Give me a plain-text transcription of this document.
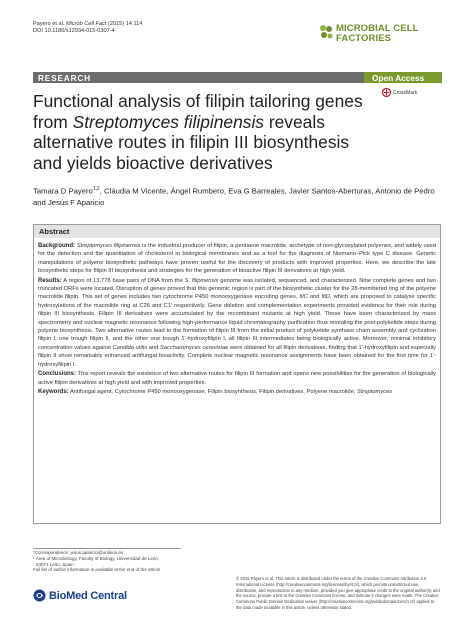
Payero et al. Microb Cell Fact (2015) 14:114
DOI 10.1186/s12934-015-0307-4	MICROBIAL CELL
FACTORIES
RESEARCH	Open Access
CrossMark
Functional analysis of filipin tailoring genes from Streptomyces filipinensis reveals alternative routes in filipin III biosynthesis and yields bioactive derivatives
Tamara D Payero$^{1,2}$, Cláudia M Vicente, Ángel Rumbero, Eva G Barreales, Javier Santos‑Aberturas, Antonio de Pedro and Jesús F Aparicio
Abstract

Background: Streptomyces filipinensis is the industrial producer of filipin, a pentaene macrolide, archetype of non-glycosylated polyenes, and widely used for the detection and the quantitation of cholesterol in biological membranes and as a tool for the diagnosis of Niemann–Pick type C disease. Genetic manipulations of polyene biosynthetic pathways have proven useful for the discovery of products with improved properties. Here, we describe the late biosynthetic steps for filipin III biosynthesis and strategies for the generation of bioactive filipin III derivatives at high yield.

Results: A region of 13,778 base pairs of DNA from the S. filipinensis genome was isolated, sequenced, and characterized. Nine complete genes and two truncated ORFs were located. Disruption of genes proved that this genomic region is part of the biosynthetic cluster for the 28-membered ring of the polyene macrolide filipin. This set of genes includes two cytochrome P450 monooxygenase encoding genes, filC and filD, which are proposed to catalyse specific hydroxylations of the macrolide ring at C26 and C1′ respectively. Gene deletion and complementation experiments provided evidence for their role during filipin III biosynthesis. Filipin III derivatives were accumulated by the recombinant mutants at high yield. These have been characterized by mass spectrometry and nuclear magnetic resonance following high-performance liquid chromatography purification thus revealing the post-polyketide steps during polyene biosynthesis. Two alternative routes lead to the formation of filipin III from the initial product of polyketide synthase chain assembly and cyclization filipin I, one trough filipin II, and the other one trough 1′-hydroxyfilipin I, all filipin III intermediates being biologically active. Moreover, minimal inhibitory concentration values against Candida utilis and Saccharomyces cerevisiae were obtained for all filipin derivatives, finding that 1′-hydroxyfilipin and especially filipin II show remarkably enhanced antifungal bioactivity. Complete nuclear magnetic resonance assignments have been obtained for the first time for 1′-hydroxyfilipin I.

Conclusions: This report reveals the existence of two alternative routes for filipin III formation and opens new possibilities for the generation of biologically active filipin derivatives at high yield and with improved properties.

Keywords: Antifungal agent, Cytochrome P450 monooxygenase, Filipin biosynthesis, Filipin derivatives, Polyene macrolide, Streptomyces

*Correspondence: jesus.aparicio@unileon.es
¹ Área of Microbiology, Faculty of Biology, Universidad de León,
24071 León, Spain
Full list of author information is available at the end of the article
BioMed Central
© 2015 Payero et al. This article is distributed under the terms of the Creative Commons Attribution 4.0 International License (http://creativecommons.org/licenses/by/4.0/), which permits unrestricted use, distribution, and reproduction in any medium, provided you give appropriate credit to the original author(s) and the source, provide a link to the Creative Commons license, and indicate if changes were made. The Creative Commons Public Domain Dedication waiver (http://creativecommons.org/publicdomain/zero/1.0/) applies to the data made available in this article, unless otherwise stated.
